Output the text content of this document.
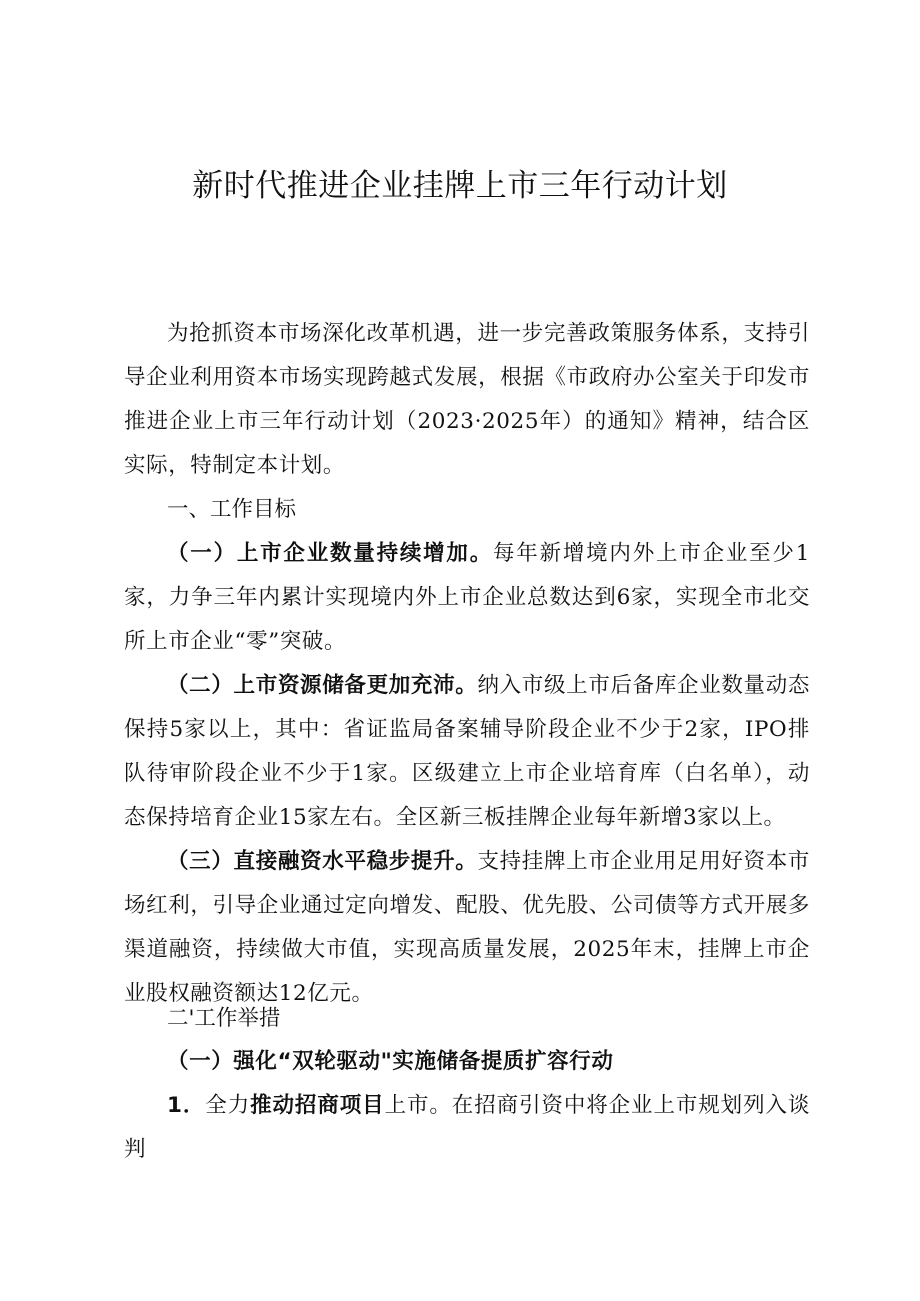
新时代推进企业挂牌上市三年行动计划

为抢抓资本市场深化改革机遇，进一步完善政策服务体系，支持引导企业利用资本市场实现跨越式发展，根据《市政府办公室关于印发市推进企业上市三年行动计划（2023·2025年）的通知》精神，结合区实际，特制定本计划。

一、工作目标

（一）上市企业数量持续增加。每年新增境内外上市企业至少1家，力争三年内累计实现境内外上市企业总数达到6家，实现全市北交所上市企业“零”突破。

（二）上市资源储备更加充沛。纳入市级上市后备库企业数量动态保持5家以上，其中：省证监局备案辅导阶段企业不少于2家，IPO排队待审阶段企业不少于1家。区级建立上市企业培育库（白名单），动态保持培育企业15家左右。全区新三板挂牌企业每年新增3家以上。

（三）直接融资水平稳步提升。支持挂牌上市企业用足用好资本市场红利，引导企业通过定向增发、配股、优先股、公司债等方式开展多渠道融资，持续做大市值，实现高质量发展，2025年末，挂牌上市企业股权融资额达12亿元。

二'工作举措

（一）强化“双轮驱动"实施储备提质扩容行动

1．全力推动招商项目上市。在招商引资中将企业上市规划列入谈判
